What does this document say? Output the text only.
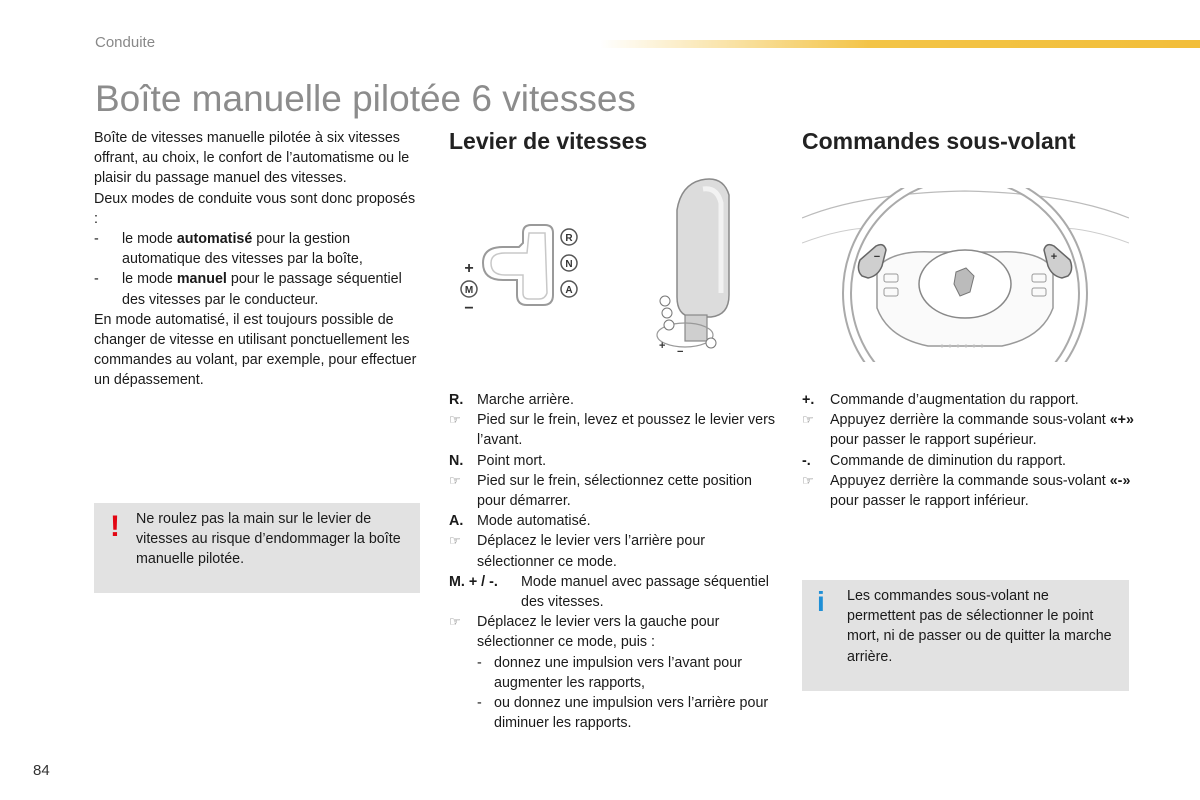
Conduite
Boîte manuelle pilotée 6 vitesses

Boîte de vitesses manuelle pilotée à six vitesses offrant, au choix, le confort de l’automatisme ou le plaisir du passage manuel des vitesses.

Deux modes de conduite vous sont donc proposés :

-	le mode automatisé pour la gestion automatique des vitesses par la boîte,
-	le mode manuel pour le passage séquentiel des vitesses par le conducteur.

En mode automatisé, il est toujours possible de changer de vitesse en utilisant ponctuellement les commandes au volant, par exemple, pour effectuer un dépassement.

! Ne roulez pas la main sur le levier de vitesses au risque d’endommager la boîte manuelle pilotée.
Levier de vitesses
R
N
A
M
+
−
+ −
R. Marche arrière.
☞	Pied sur le frein, levez et poussez le levier vers l’avant.
N. Point mort.
☞	Pied sur le frein, sélectionnez cette position pour démarrer.
A. Mode automatisé.
☞	Déplacez le levier vers l’arrière pour sélectionner ce mode.
M. + / -.	Mode manuel avec passage séquentiel des vitesses.
☞	Déplacez le levier vers la gauche pour sélectionner ce mode, puis :
- donnez une impulsion vers l’avant pour augmenter les rapports,
- ou donnez une impulsion vers l’arrière pour diminuer les rapports.
Commandes sous-volant
−	+
+.	Commande d’augmentation du rapport.
☞	Appuyez derrière la commande sous-volant «+» pour passer le rapport supérieur.
-.	Commande de diminution du rapport.
☞	Appuyez derrière la commande sous-volant «-» pour passer le rapport inférieur.
i Les commandes sous-volant ne permettent pas de sélectionner le point mort, ni de passer ou de quitter la marche arrière.
84
